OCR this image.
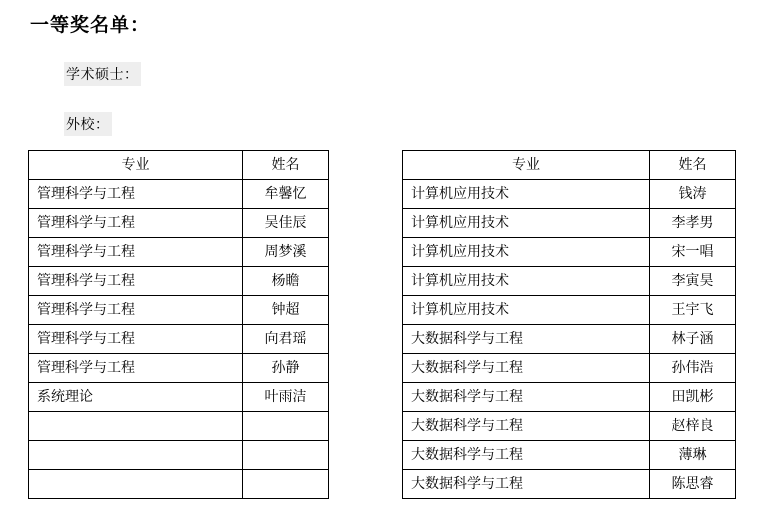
一等奖名单：
学术硕士：
外校：
专业	姓名
管理科学与工程	牟馨忆
管理科学与工程	吴佳辰
管理科学与工程	周梦溪
管理科学与工程	杨瞻
管理科学与工程	钟超
管理科学与工程	向君瑶
管理科学与工程	孙静
系统理论	叶雨洁

专业	姓名
计算机应用技术	钱涛
计算机应用技术	李孝男
计算机应用技术	宋一唱
计算机应用技术	李寅昊
计算机应用技术	王宇飞
大数据科学与工程	林子涵
大数据科学与工程	孙伟浩
大数据科学与工程	田凯彬
大数据科学与工程	赵梓良
大数据科学与工程	薄琳
大数据科学与工程	陈思睿
